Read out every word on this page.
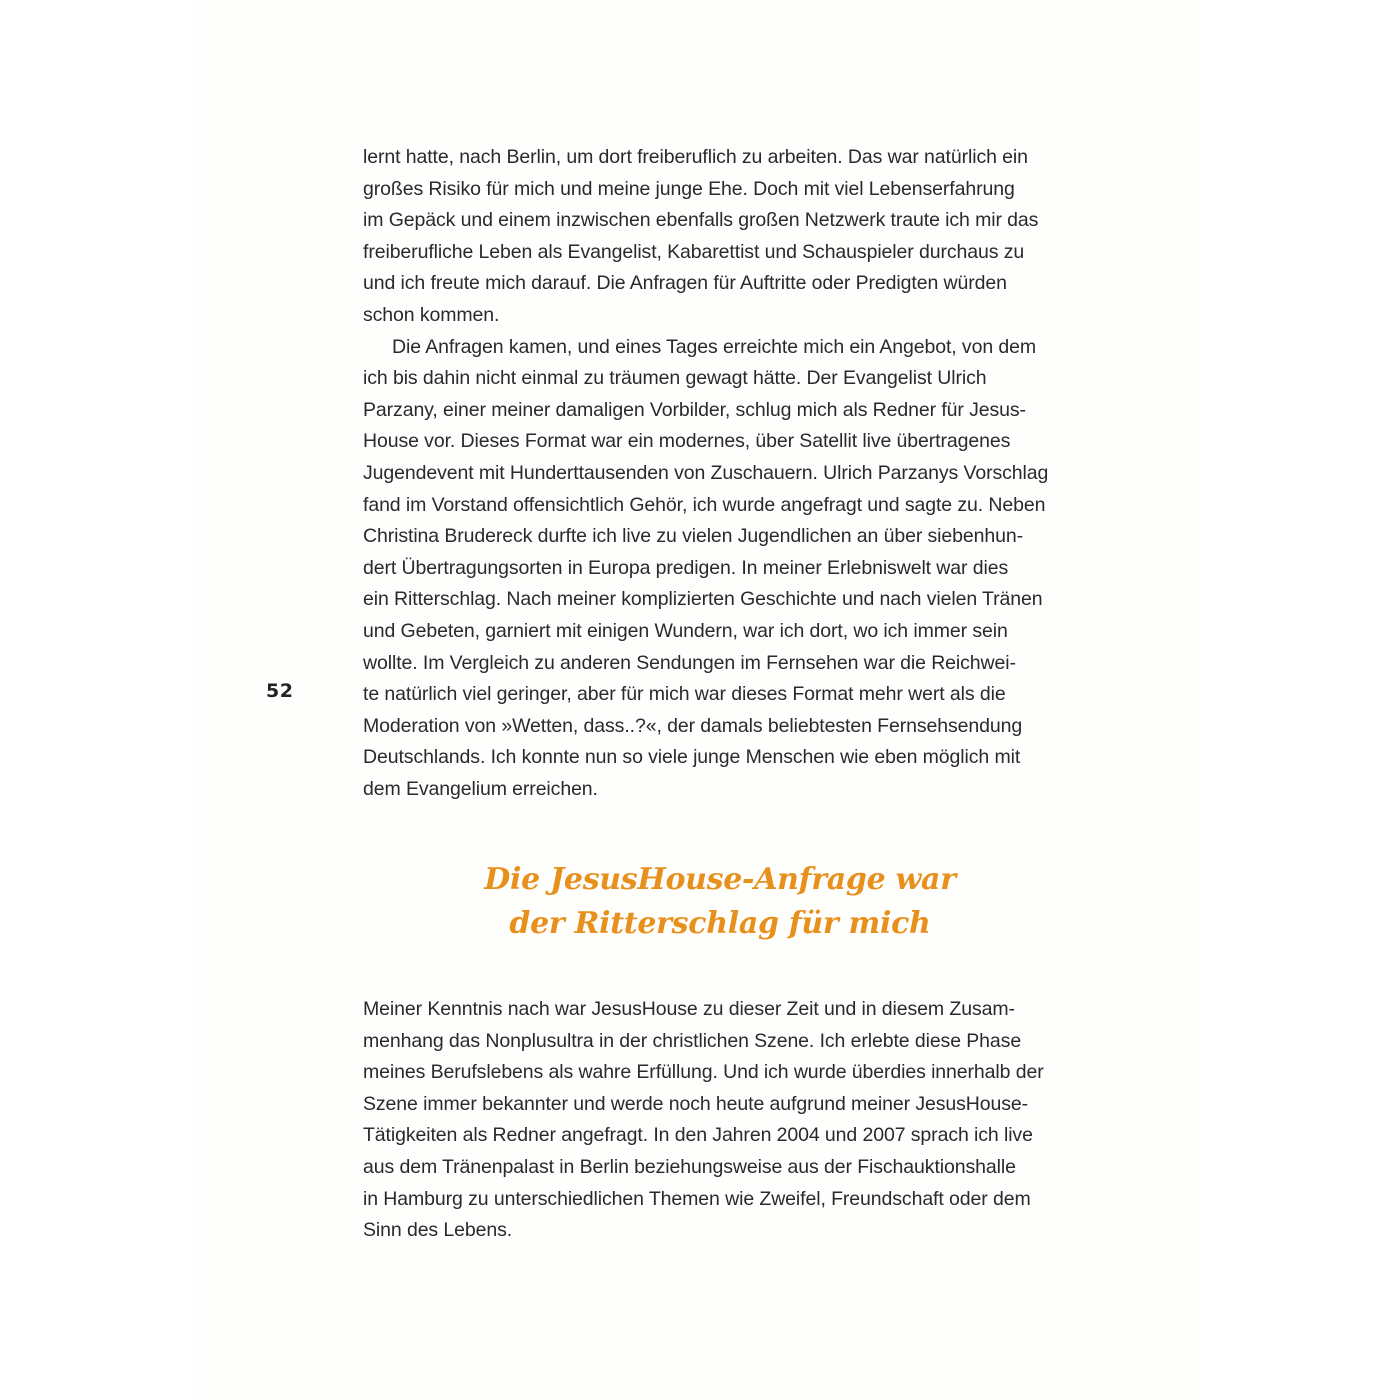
lernt hatte, nach Berlin, um dort freiberuflich zu arbeiten. Das war natürlich ein
großes Risiko für mich und meine junge Ehe. Doch mit viel Lebenserfahrung
im Gepäck und einem inzwischen ebenfalls großen Netzwerk traute ich mir das
freiberufliche Leben als Evangelist, Kabarettist und Schauspieler durchaus zu
und ich freute mich darauf. Die Anfragen für Auftritte oder Predigten würden
schon kommen.
Die Anfragen kamen, und eines Tages erreichte mich ein Angebot, von dem
ich bis dahin nicht einmal zu träumen gewagt hätte. Der Evangelist Ulrich
Parzany, einer meiner damaligen Vorbilder, schlug mich als Redner für Jesus-
House vor. Dieses Format war ein modernes, über Satellit live übertragenes
Jugendevent mit Hunderttausenden von Zuschauern. Ulrich Parzanys Vorschlag
fand im Vorstand offensichtlich Gehör, ich wurde angefragt und sagte zu. Neben
Christina Brudereck durfte ich live zu vielen Jugendlichen an über siebenhun-
dert Übertragungsorten in Europa predigen. In meiner Erlebniswelt war dies
ein Ritterschlag. Nach meiner komplizierten Geschichte und nach vielen Tränen
und Gebeten, garniert mit einigen Wundern, war ich dort, wo ich immer sein
wollte. Im Vergleich zu anderen Sendungen im Fernsehen war die Reichwei-
te natürlich viel geringer, aber für mich war dieses Format mehr wert als die
Moderation von »Wetten, dass..?«, der damals beliebtesten Fernsehsendung
Deutschlands. Ich konnte nun so viele junge Menschen wie eben möglich mit
dem Evangelium erreichen.
52
Die JesusHouse-Anfrage war
der Ritterschlag für mich
Meiner Kenntnis nach war JesusHouse zu dieser Zeit und in diesem Zusam-
menhang das Nonplusultra in der christlichen Szene. Ich erlebte diese Phase
meines Berufslebens als wahre Erfüllung. Und ich wurde überdies innerhalb der
Szene immer bekannter und werde noch heute aufgrund meiner JesusHouse-
Tätigkeiten als Redner angefragt. In den Jahren 2004 und 2007 sprach ich live
aus dem Tränenpalast in Berlin beziehungsweise aus der Fischauktionshalle
in Hamburg zu unterschiedlichen Themen wie Zweifel, Freundschaft oder dem
Sinn des Lebens.
